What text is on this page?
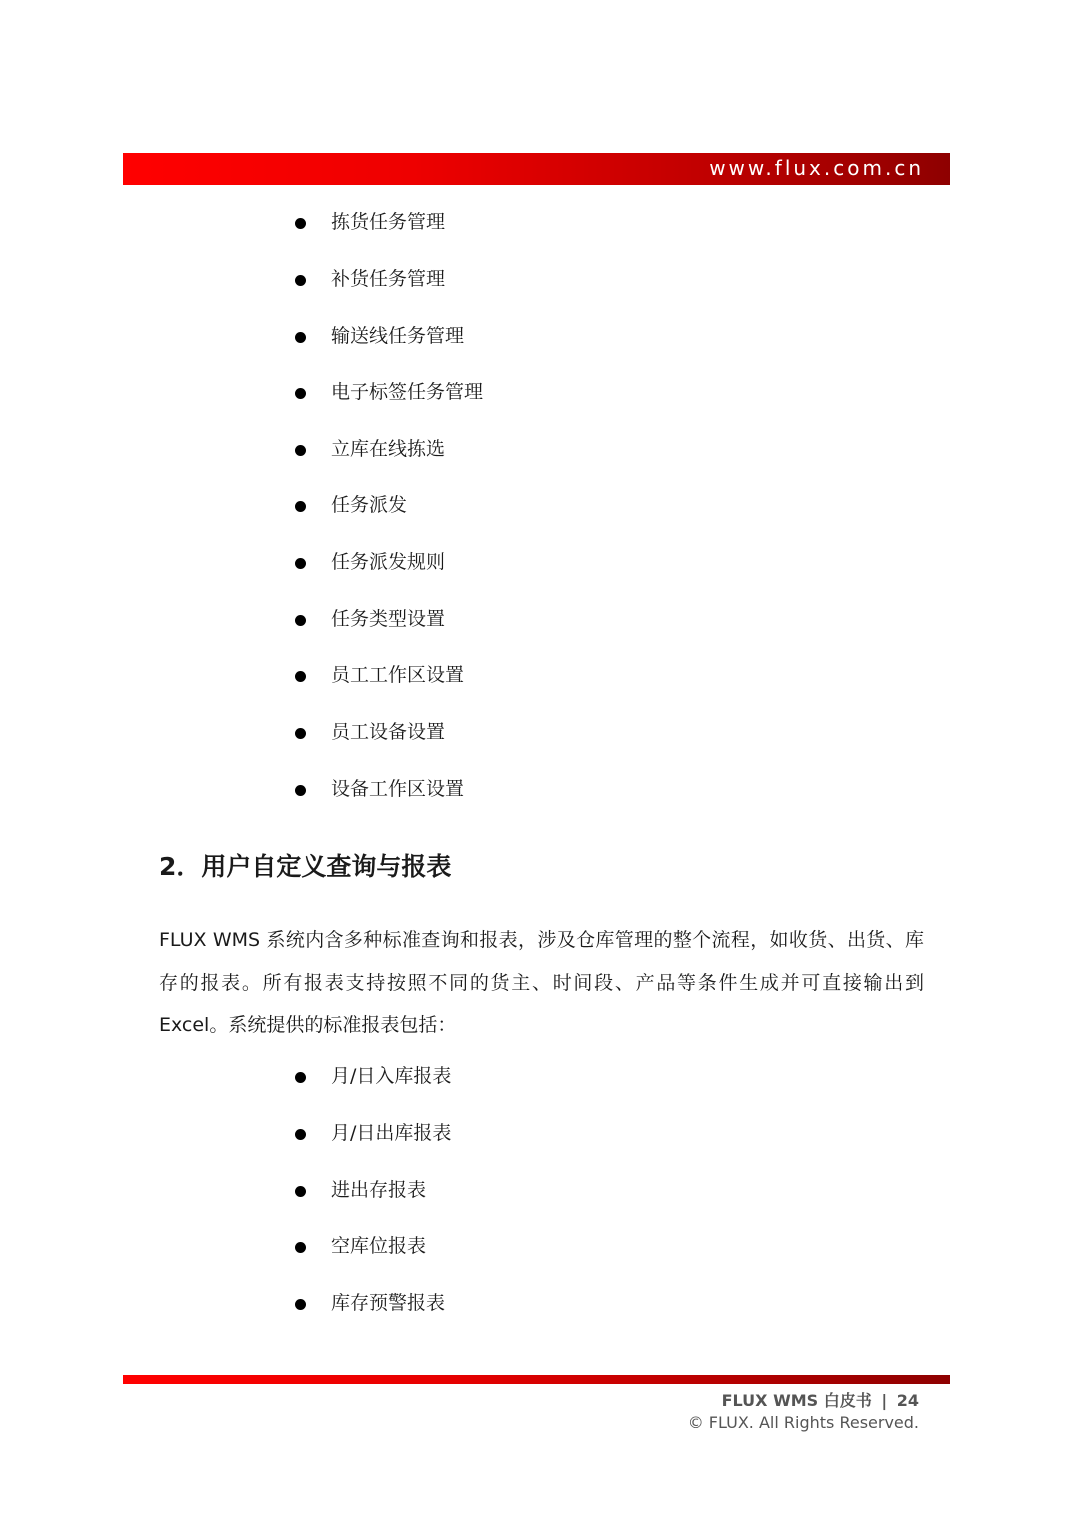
www.flux.com.cn
拣货任务管理
补货任务管理
输送线任务管理
电子标签任务管理
立库在线拣选
任务派发
任务派发规则
任务类型设置
员工工作区设置
员工设备设置
设备工作区设置
2．用户自定义查询与报表

FLUX WMS 系统内含多种标准查询和报表，涉及仓库管理的整个流程，如收货、出货、库存的报表。所有报表支持按照不同的货主、时间段、产品等条件生成并可直接输出到 Excel。系统提供的标准报表包括：

月/日入库报表
月/日出库报表
进出存报表
空库位报表
库存预警报表
FLUX WMS 白皮书 | 24
© FLUX. All Rights Reserved.
